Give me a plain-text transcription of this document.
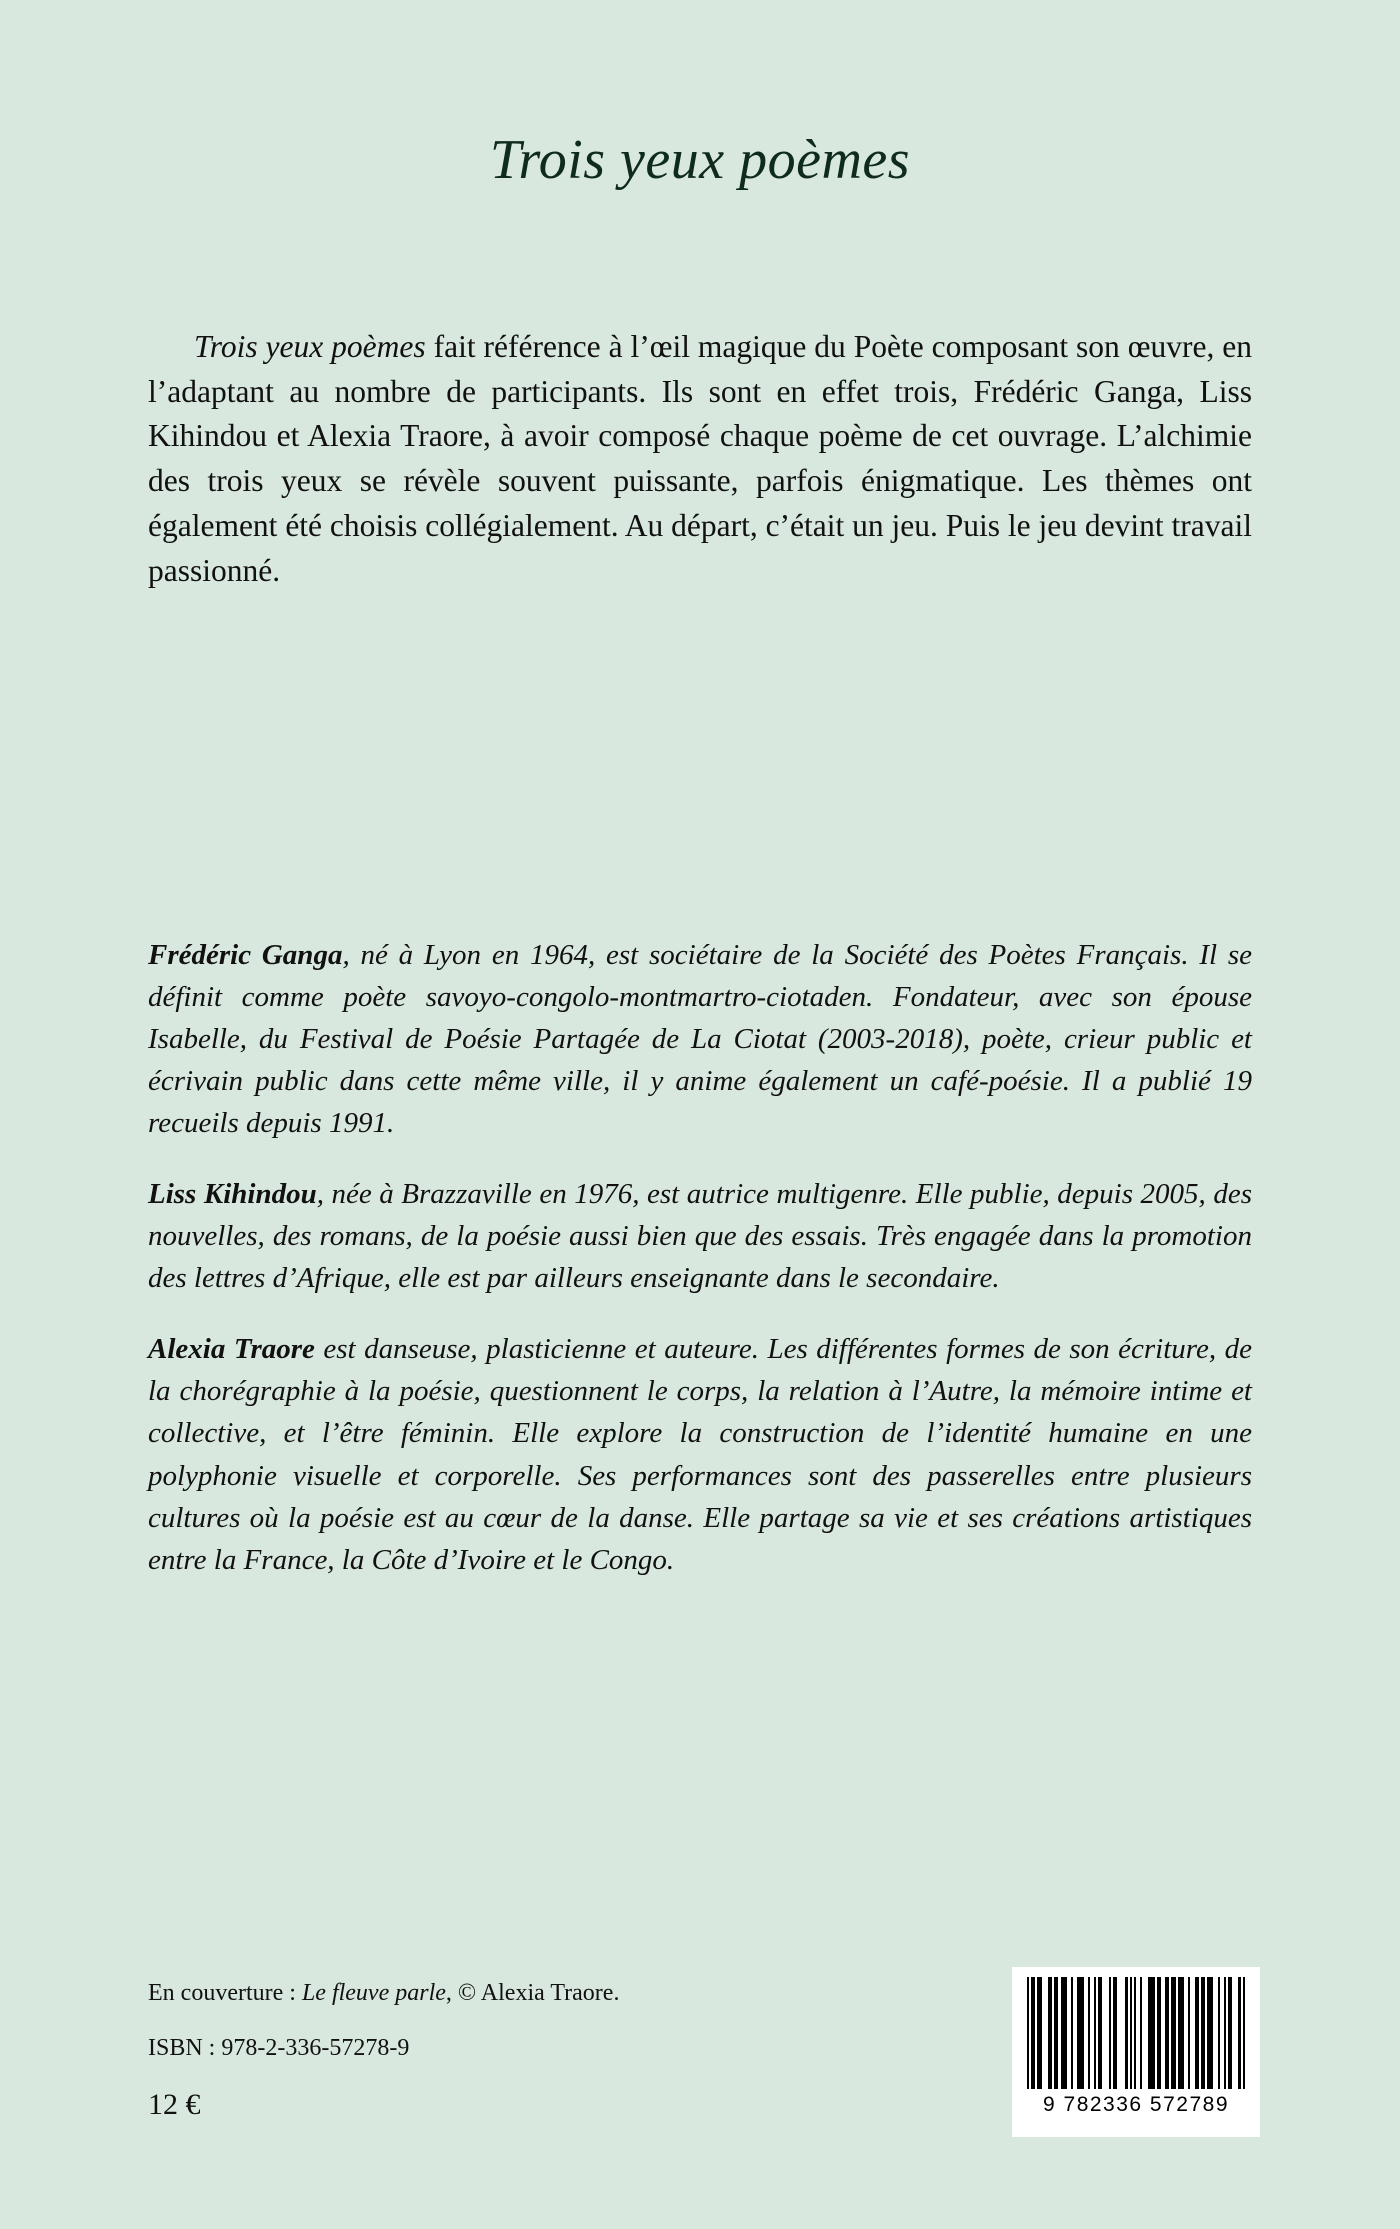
Trois yeux poèmes
Trois yeux poèmes fait référence à l’œil magique du Poète composant son œuvre, en l’adaptant au nombre de participants. Ils sont en effet trois, Frédéric Ganga, Liss Kihindou et Alexia Traore, à avoir composé chaque poème de cet ouvrage. L’alchimie des trois yeux se révèle souvent puissante, parfois énigmatique. Les thèmes ont également été choisis collégialement. Au départ, c’était un jeu. Puis le jeu devint travail passionné.

Frédéric Ganga, né à Lyon en 1964, est sociétaire de la Société des Poètes Français. Il se définit comme poète savoyo-congolo-montmartro-ciotaden. Fondateur, avec son épouse Isabelle, du Festival de Poésie Partagée de La Ciotat (2003-2018), poète, crieur public et écrivain public dans cette même ville, il y anime également un café-poésie. Il a publié 19 recueils depuis 1991.

Liss Kihindou, née à Brazzaville en 1976, est autrice multigenre. Elle publie, depuis 2005, des nouvelles, des romans, de la poésie aussi bien que des essais. Très engagée dans la promotion des lettres d’Afrique, elle est par ailleurs enseignante dans le secondaire.

Alexia Traore est danseuse, plasticienne et auteure. Les différentes formes de son écriture, de la chorégraphie à la poésie, questionnent le corps, la relation à l’Autre, la mémoire intime et collective, et l’être féminin. Elle explore la construction de l’identité humaine en une polyphonie visuelle et corporelle. Ses performances sont des passerelles entre plusieurs cultures où la poésie est au cœur de la danse. Elle partage sa vie et ses créations artistiques entre la France, la Côte d’Ivoire et le Congo.

En couverture : Le fleuve parle, © Alexia Traore.
ISBN : 978-2-336-57278-9
12 €	9 782336 572789
